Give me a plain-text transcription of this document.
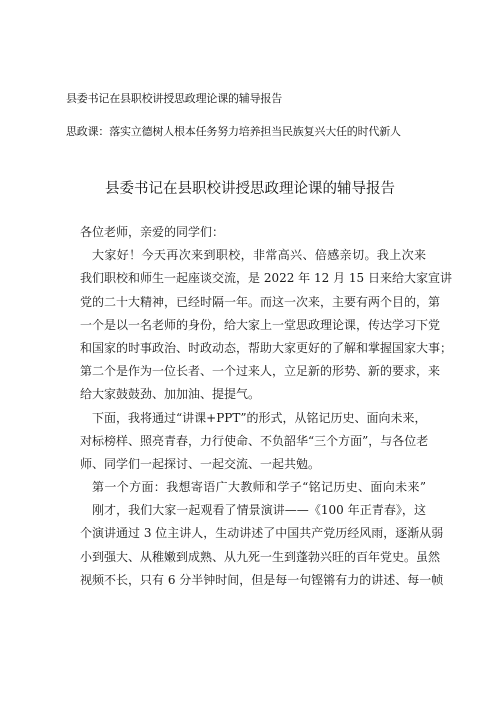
县委书记在县职校讲授思政理论课的辅导报告
思政课：落实立德树人根本任务努力培养担当民族复兴大任的时代新人
县委书记在县职校讲授思政理论课的辅导报告
各位老师，亲爱的同学们：
大家好！今天再次来到职校，非常高兴、倍感亲切。我上次来
我们职校和师生一起座谈交流，是 2022 年 12 月 15 日来给大家宣讲
党的二十大精神，已经时隔一年。而这一次来，主要有两个目的，第
一个是以一名老师的身份，给大家上一堂思政理论课，传达学习下党
和国家的时事政治、时政动态，帮助大家更好的了解和掌握国家大事；
第二个是作为一位长者、一个过来人，立足新的形势、新的要求，来
给大家鼓鼓劲、加加油、提提气。
下面，我将通过“讲课+PPT”的形式，从铭记历史、面向未来，
对标榜样、照亮青春，力行使命、不负韶华“三个方面”，与各位老
师、同学们一起探讨、一起交流、一起共勉。
第一个方面：我想寄语广大教师和学子“铭记历史、面向未来”
刚才，我们大家一起观看了情景演讲——《100 年正青春》，这
个演讲通过 3 位主讲人，生动讲述了中国共产党历经风雨，逐渐从弱
小到强大、从稚嫩到成熟、从九死一生到蓬勃兴旺的百年党史。虽然
视频不长，只有 6 分半钟时间，但是每一句铿锵有力的讲述、每一帧
